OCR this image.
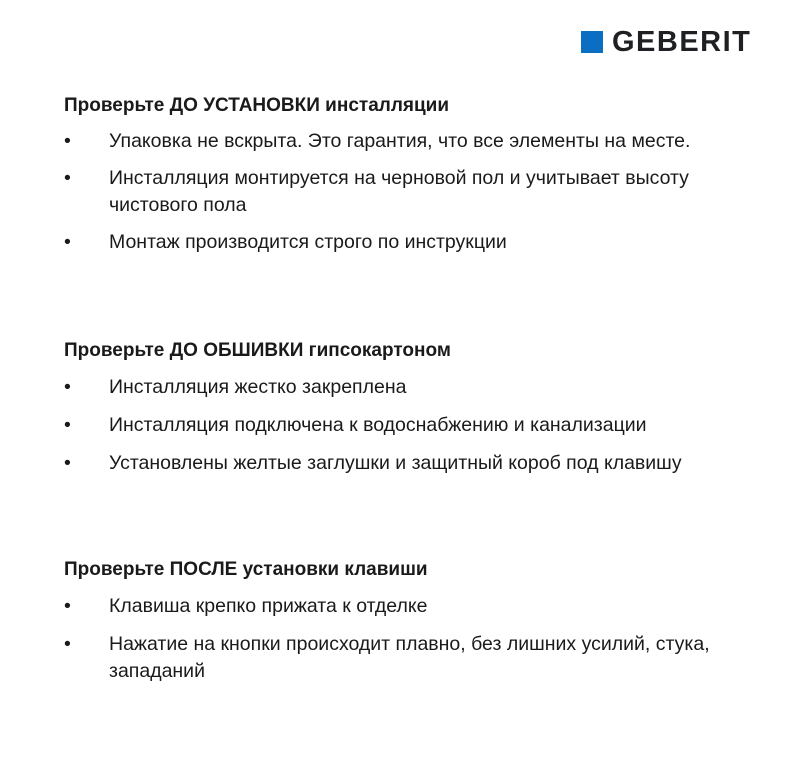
GEBERIT
Проверьте ДО УСТАНОВКИ инсталляции
• Упаковка не вскрыта. Это гарантия, что все элементы на месте.
• Инсталляция монтируется на черновой пол и учитывает высоту чистового пола
• Монтаж производится строго по инструкции
Проверьте ДО ОБШИВКИ гипсокартоном
• Инсталляция жестко закреплена
• Инсталляция подключена к водоснабжению и канализации
• Установлены желтые заглушки и защитный короб под клавишу
Проверьте ПОСЛЕ установки клавиши
• Клавиша крепко прижата к отделке
• Нажатие на кнопки происходит плавно, без лишних усилий, стука, западаний
